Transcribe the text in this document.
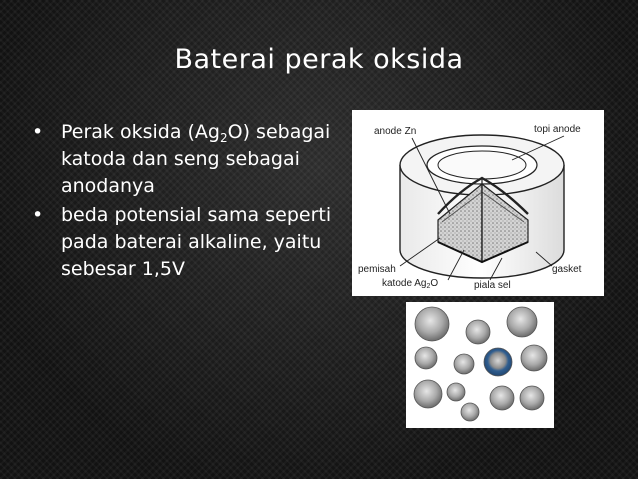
Baterai perak oksida
• Perak oksida $(Ag_2O)$ sebagai katoda dan seng sebagai anodanya
• beda potensial sama seperti pada baterai alkaline, yaitu sebesar 1,5V
anode Zn	topi anode
pemisah
katode $Ag_2O$	piala sel
gasket
